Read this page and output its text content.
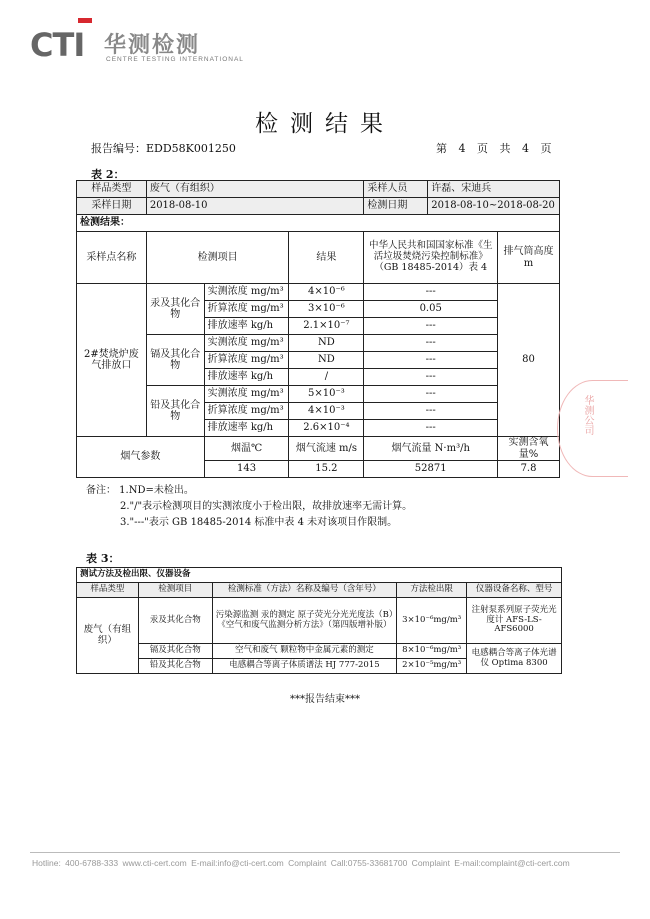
CTI 华测检测
CENTRE TESTING INTERNATIONAL
检测结果
报告编号：EDD58K001250	第 4 页 共 4 页
表 2：
样品类型	废气（有组织）			采样人员	许磊、宋迪兵	
采样日期	2018-08-10			检测日期	2018-08-10~2018-08-20	
检测结果：						
采样点名称	检测项目		结果	中华人民共和国国家标准《生活垃圾焚烧污染控制标准》（GB 18485-2014）表 4		排气筒高度 m
2#焚烧炉废气排放口	汞及其化合物	实测浓度 mg/m³	4×10⁻⁶	---		80
		折算浓度 mg/m³	3×10⁻⁶	0.05		
		排放速率 kg/h	2.1×10⁻⁷	---		
	镉及其化合物	实测浓度 mg/m³	ND	---		
		折算浓度 mg/m³	ND	---		
		排放速率 kg/h	/	---		
	铅及其化合物	实测浓度 mg/m³	5×10⁻³	---		
		折算浓度 mg/m³	4×10⁻³	---		
		排放速率 kg/h	2.6×10⁻⁴	---		
烟气参数		烟温℃	烟气流速 m/s	烟气流量 N·m³/h		实测含氧量%
		143	15.2	52871		7.8
备注： 1.ND=未检出。
2."/"表示检测项目的实测浓度小于检出限，故排放速率无需计算。
3."---"表示 GB 18485-2014 标准中表 4 未对该项目作限制。
表 3：
测试方法及检出限、仪器设备				
样品类型	检测项目	检测标准（方法）名称及编号（含年号）	方法检出限	仪器设备名称、型号
废气（有组织）	汞及其化合物	污染源监测 汞的测定 原子荧光分光光度法（B）《空气和废气监测分析方法》（第四版增补版）	3×10⁻⁶mg/m³	注射泵系列原子荧光光度计 AFS-LS-AFS6000
	镉及其化合物	空气和废气 颗粒物中金属元素的测定	8×10⁻⁶mg/m³	电感耦合等离子体光谱仪 Optima 8300
	铅及其化合物	电感耦合等离子体质谱法 HJ 777-2015	2×10⁻⁵mg/m³	
***报告结束***
华测公司
Hotline: 400-6788-333 www.cti-cert.com E-mail:info@cti-cert.com Complaint Call:0755-33681700 Complaint E-mail:complaint@cti-cert.com
